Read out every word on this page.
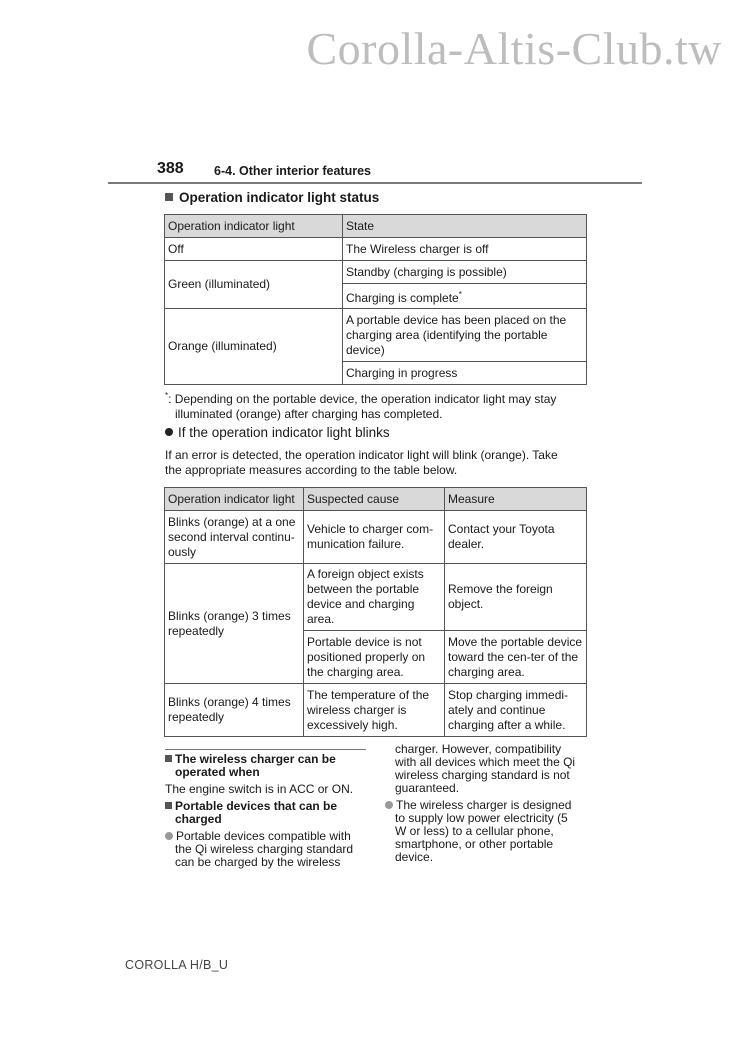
Corolla-Altis-Club.tw
388 6-4. Other interior features
Operation indicator light status
Operation indicator light	State
Off	The Wireless charger is off
Green (illuminated)	Standby (charging is possible)
	Charging is complete*
Orange (illuminated)	A portable device has been placed on the charging area (identifying the portable device)
	Charging in progress
*: Depending on the portable device, the operation indicator light may stay
illuminated (orange) after charging has completed.
If the operation indicator light blinks
If an error is detected, the operation indicator light will blink (orange). Take
the appropriate measures according to the table below.
Operation indicator light	Suspected cause	Measure
Blinks (orange) at a one second interval continu-ously	Vehicle to charger com-munication failure.	Contact your Toyota dealer.
Blinks (orange) 3 times repeatedly	A foreign object exists between the portable device and charging area.	Remove the foreign object.
	Portable device is not positioned properly on the charging area.	Move the portable device toward the cen-ter of the charging area.
Blinks (orange) 4 times repeatedly	The temperature of the wireless charger is excessively high.	Stop charging immedi-ately and continue charging after a while.
The wireless charger can be
operated when
The engine switch is in ACC or ON.
Portable devices that can be
charged
Portable devices compatible with
the Qi wireless charging standard
can be charged by the wireless
charger. However, compatibility
with all devices which meet the Qi
wireless charging standard is not
guaranteed.
The wireless charger is designed
to supply low power electricity (5
W or less) to a cellular phone,
smartphone, or other portable
device.
COROLLA H/B_U
